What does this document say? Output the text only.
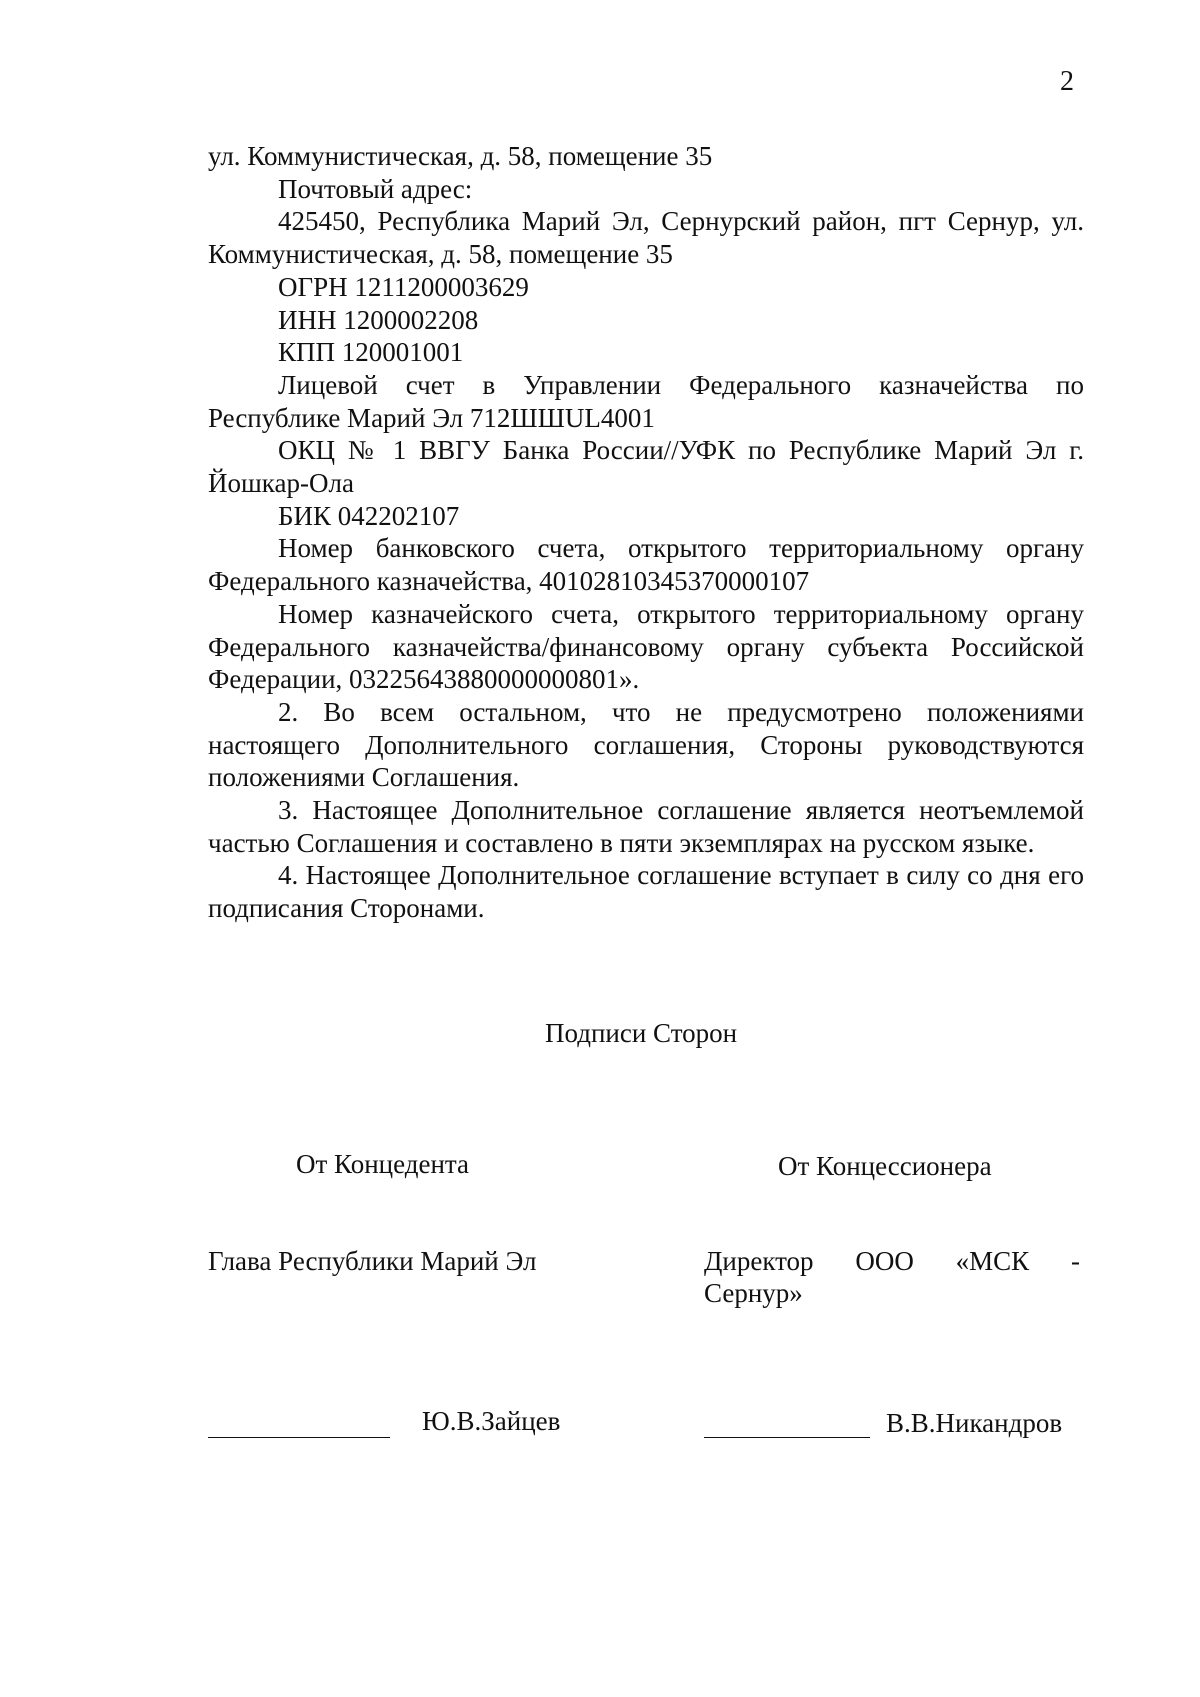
2

ул. Коммунистическая, д. 58, помещение 35

Почтовый адрес:

425450, Республика Марий Эл, Сернурский район, пгт Сернур, ул. Коммунистическая, д. 58, помещение 35

ОГРН 1211200003629

ИНН 1200002208

КПП 120001001

Лицевой счет в Управлении Федерального казначейства по Республике Марий Эл 712ШШUL4001

ОКЦ № 1 ВВГУ Банка России//УФК по Республике Марий Эл г. Йошкар-Ола

БИК 042202107

Номер банковского счета, открытого территориальному органу Федерального казначейства, 40102810345370000107

Номер казначейского счета, открытого территориальному органу Федерального казначейства/финансовому органу субъекта Российской Федерации, 03225643880000000801».

2. Во всем остальном, что не предусмотрено положениями настоящего Дополнительного соглашения, Стороны руководствуются положениями Соглашения.

3. Настоящее Дополнительное соглашение является неотъемлемой частью Соглашения и составлено в пяти экземплярах на русском языке.

4. Настоящее Дополнительное соглашение вступает в силу со дня его подписания Сторонами.

Подписи Сторон
От Концедента	От Концессионера
Глава Республики Марий Эл	Директор ООО «МСК - Сернур»
Ю.В.Зайцев	В.В.Никандров
